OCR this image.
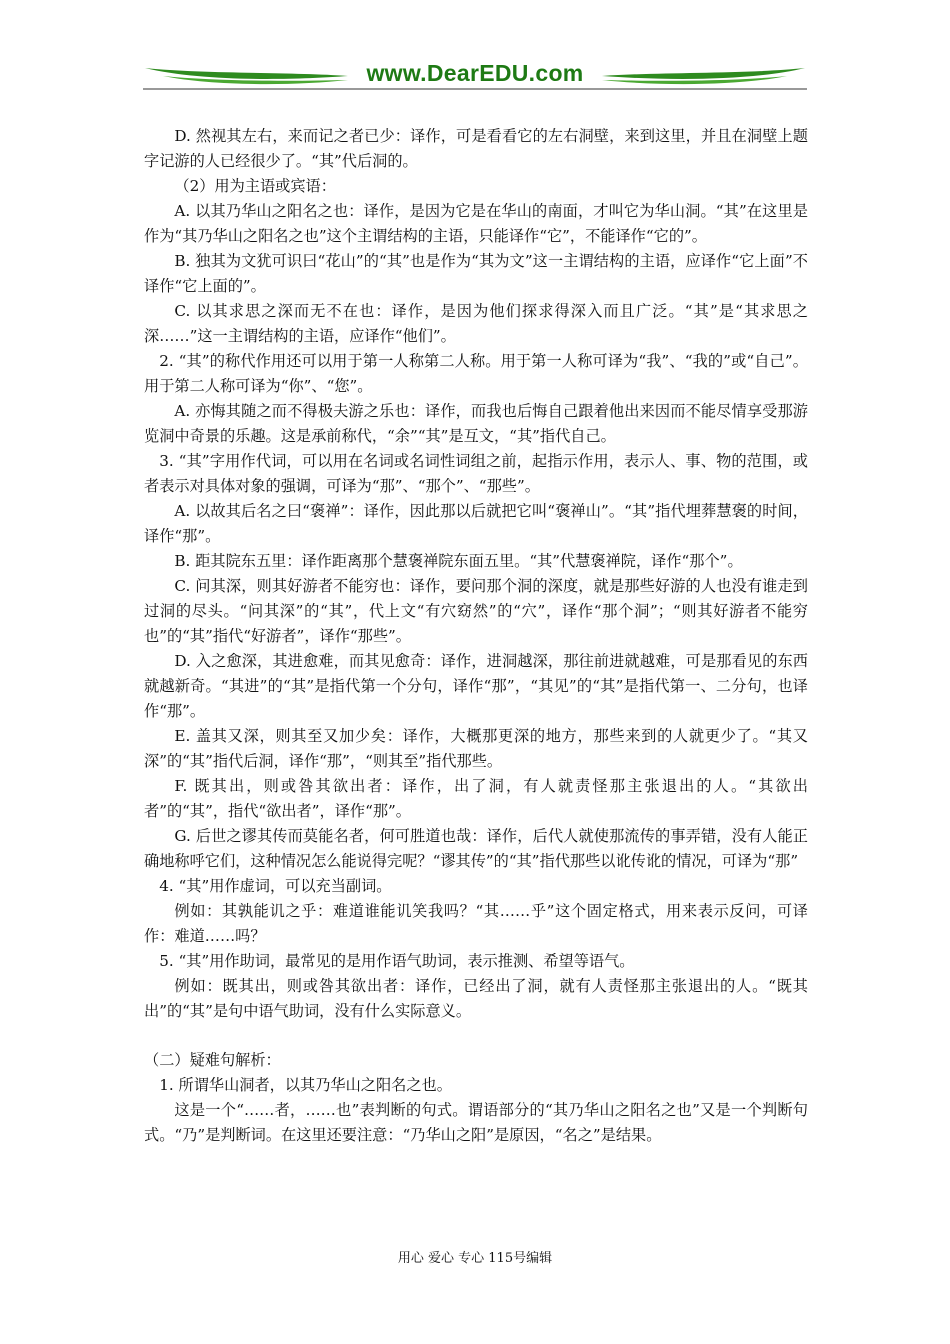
www.DearEDU.com

D. 然视其左右，来而记之者已少：译作，可是看看它的左右洞壁，来到这里，并且在洞壁上题字记游的人已经很少了。“其”代后洞的。

（2）用为主语或宾语：

A. 以其乃华山之阳名之也：译作，是因为它是在华山的南面，才叫它为华山洞。“其”在这里是作为“其乃华山之阳名之也”这个主谓结构的主语，只能译作“它”，不能译作“它的”。

B. 独其为文犹可识曰“花山”的“其”也是作为“其为文”这一主谓结构的主语，应译作“它上面”不译作“它上面的”。

C. 以其求思之深而无不在也：译作，是因为他们探求得深入而且广泛。“其”是“其求思之深……”这一主谓结构的主语，应译作“他们”。

2. “其”的称代作用还可以用于第一人称第二人称。用于第一人称可译为“我”、“我的”或“自己”。用于第二人称可译为“你”、“您”。

A. 亦悔其随之而不得极夫游之乐也：译作，而我也后悔自己跟着他出来因而不能尽情享受那游览洞中奇景的乐趣。这是承前称代，“余”“其”是互文，“其”指代自己。

3. “其”字用作代词，可以用在名词或名词性词组之前，起指示作用，表示人、事、物的范围，或者表示对具体对象的强调，可译为“那”、“那个”、“那些”。

A. 以故其后名之曰“褒禅”：译作，因此那以后就把它叫“褒禅山”。“其”指代埋葬慧褒的时间，译作“那”。

B. 距其院东五里：译作距离那个慧褒禅院东面五里。“其”代慧褒禅院，译作“那个”。

C. 问其深，则其好游者不能穷也：译作，要问那个洞的深度，就是那些好游的人也没有谁走到过洞的尽头。“问其深”的“其”，代上文“有穴窈然”的“穴”，译作“那个洞”；“则其好游者不能穷也”的“其”指代“好游者”，译作“那些”。

D. 入之愈深，其进愈难，而其见愈奇：译作，进洞越深，那往前进就越难，可是那看见的东西就越新奇。“其进”的“其”是指代第一个分句，译作“那”，“其见”的“其”是指代第一、二分句，也译作“那”。

E. 盖其又深，则其至又加少矣：译作，大概那更深的地方，那些来到的人就更少了。“其又深”的“其”指代后洞，译作“那”，“则其至”指代那些。

F. 既其出，则或咎其欲出者：译作，出了洞，有人就责怪那主张退出的人。“其欲出者”的“其”，指代“欲出者”，译作“那”。

G. 后世之谬其传而莫能名者，何可胜道也哉：译作，后代人就使那流传的事弄错，没有人能正确地称呼它们，这种情况怎么能说得完呢？“谬其传”的“其”指代那些以讹传讹的情况，可译为“那”

4. “其”用作虚词，可以充当副词。

例如：其孰能讥之乎：难道谁能讥笑我吗？“其……乎”这个固定格式，用来表示反问，可译作：难道……吗？

5. “其”用作助词，最常见的是用作语气助词，表示推测、希望等语气。

例如：既其出，则或咎其欲出者：译作，已经出了洞，就有人责怪那主张退出的人。“既其出”的“其”是句中语气助词，没有什么实际意义。

（二）疑难句解析：

1. 所谓华山洞者，以其乃华山之阳名之也。

这是一个“……者，……也”表判断的句式。谓语部分的“其乃华山之阳名之也”又是一个判断句式。“乃”是判断词。在这里还要注意：“乃华山之阳”是原因，“名之”是结果。

用心 爱心 专心 115号编辑
